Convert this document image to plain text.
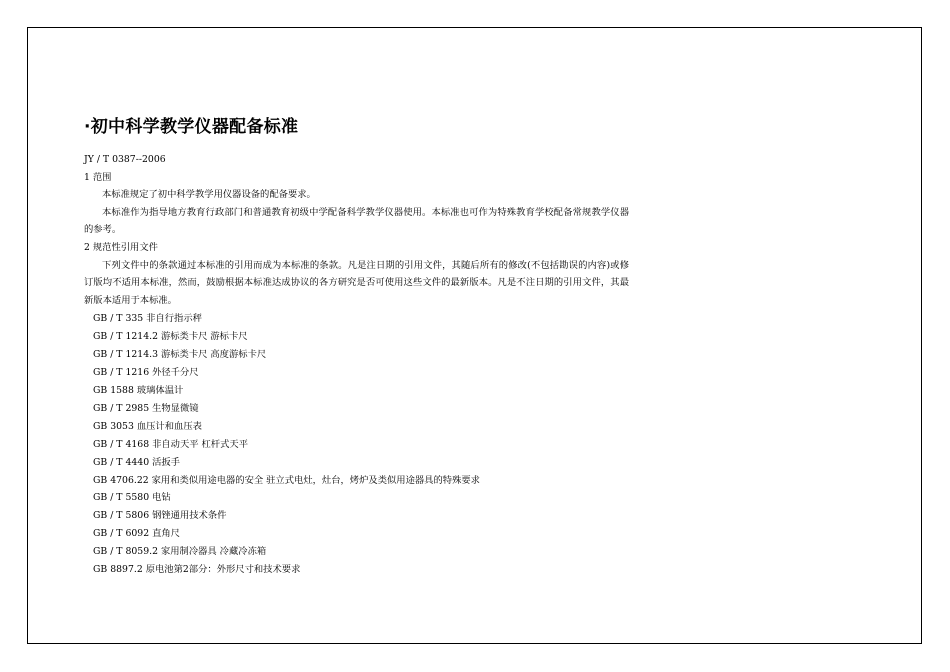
·初中科学教学仪器配备标准
JY / T 0387--2006
1 范围

本标准规定了初中科学教学用仪器设备的配备要求。

本标准作为指导地方教育行政部门和普通教育初级中学配备科学教学仪器使用。本标准也可作为特殊教育学校配备常规教学仪器的参考。

2 规范性引用文件

下列文件中的条款通过本标准的引用而成为本标准的条款。凡是注日期的引用文件，其随后所有的修改(不包括勘误的内容)或修订版均不适用本标准，然而，鼓励根据本标准达成协议的各方研究是否可使用这些文件的最新版本。凡是不注日期的引用文件，其最新版本适用于本标准。

GB / T 335 非自行指示秤
GB / T 1214.2 游标类卡尺 游标卡尺
GB / T 1214.3 游标类卡尺 高度游标卡尺
GB / T 1216 外径千分尺
GB 1588 玻璃体温计
GB / T 2985 生物显微镜
GB 3053 血压计和血压表
GB / T 4168 非自动天平 杠杆式天平
GB / T 4440 活扳手
GB 4706.22 家用和类似用途电器的安全 驻立式电灶，灶台，烤炉及类似用途器具的特殊要求
GB / T 5580 电钻
GB / T 5806 钢锉通用技术条件
GB / T 6092 直角尺
GB / T 8059.2 家用制冷器具 冷藏冷冻箱
GB 8897.2 原电池第2部分：外形尺寸和技术要求
